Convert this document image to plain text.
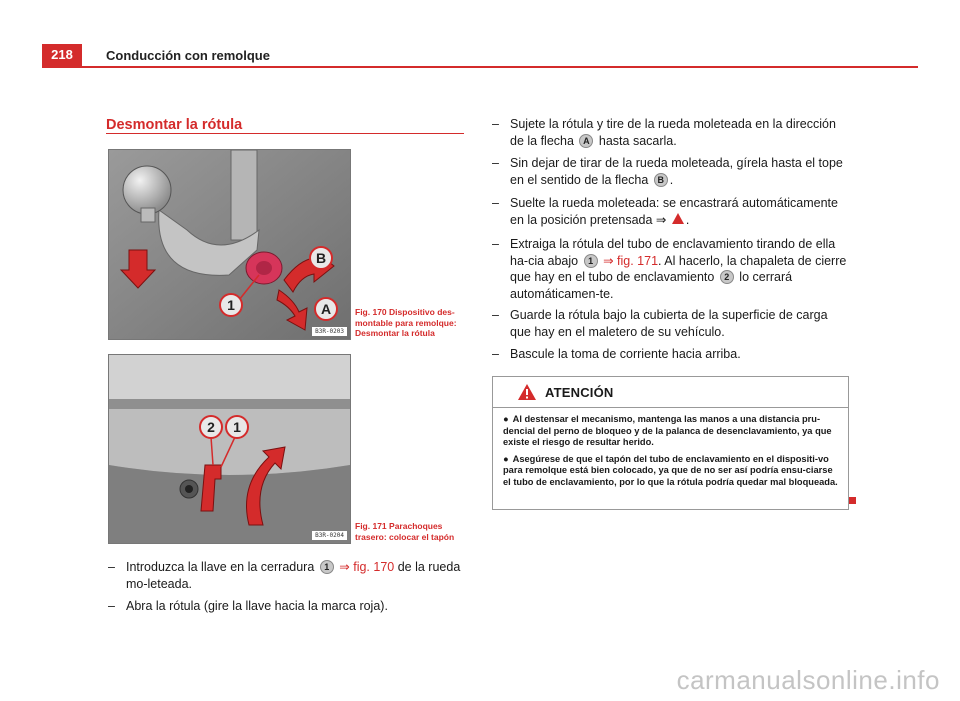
218	Conducción con remolque
Desmontar la rótula
B
A
1
B3R-0203
Fig. 170 Dispositivo des-montable para remolque: Desmontar la rótula
2	1
B3R-0204
Fig. 171 Parachoques trasero: colocar el tapón
– Introduzca la llave en la cerradura 1 ⇒ fig. 170 de la rueda mo-leteada.
– Abra la rótula (gire la llave hacia la marca roja).
– Sujete la rótula y tire de la rueda moleteada en la dirección de la flecha A hasta sacarla.
– Sin dejar de tirar de la rueda moleteada, gírela hasta el tope en el sentido de la flecha B .
– Suelte la rueda moleteada: se encastrará automáticamente en la posición pretensada ⇒ .
– Extraiga la rótula del tubo de enclavamiento tirando de ella ha-cia abajo 1 ⇒ fig. 171. Al hacerlo, la chapaleta de cierre que hay en el tubo de enclavamiento 2 lo cerrará automáticamen-te.
– Guarde la rótula bajo la cubierta de la superficie de carga que hay en el maletero de su vehículo.
– Bascule la toma de corriente hacia arriba.
ATENCIÓN
● Al destensar el mecanismo, mantenga las manos a una distancia pru-dencial del perno de bloqueo y de la palanca de desenclavamiento, ya que existe el riesgo de resultar herido.
● Asegúrese de que el tapón del tubo de enclavamiento en el dispositi-vo para remolque está bien colocado, ya que de no ser así podría ensu-ciarse el tubo de enclavamiento, por lo que la rótula podría quedar mal bloqueada.
carmanualsonline.info
